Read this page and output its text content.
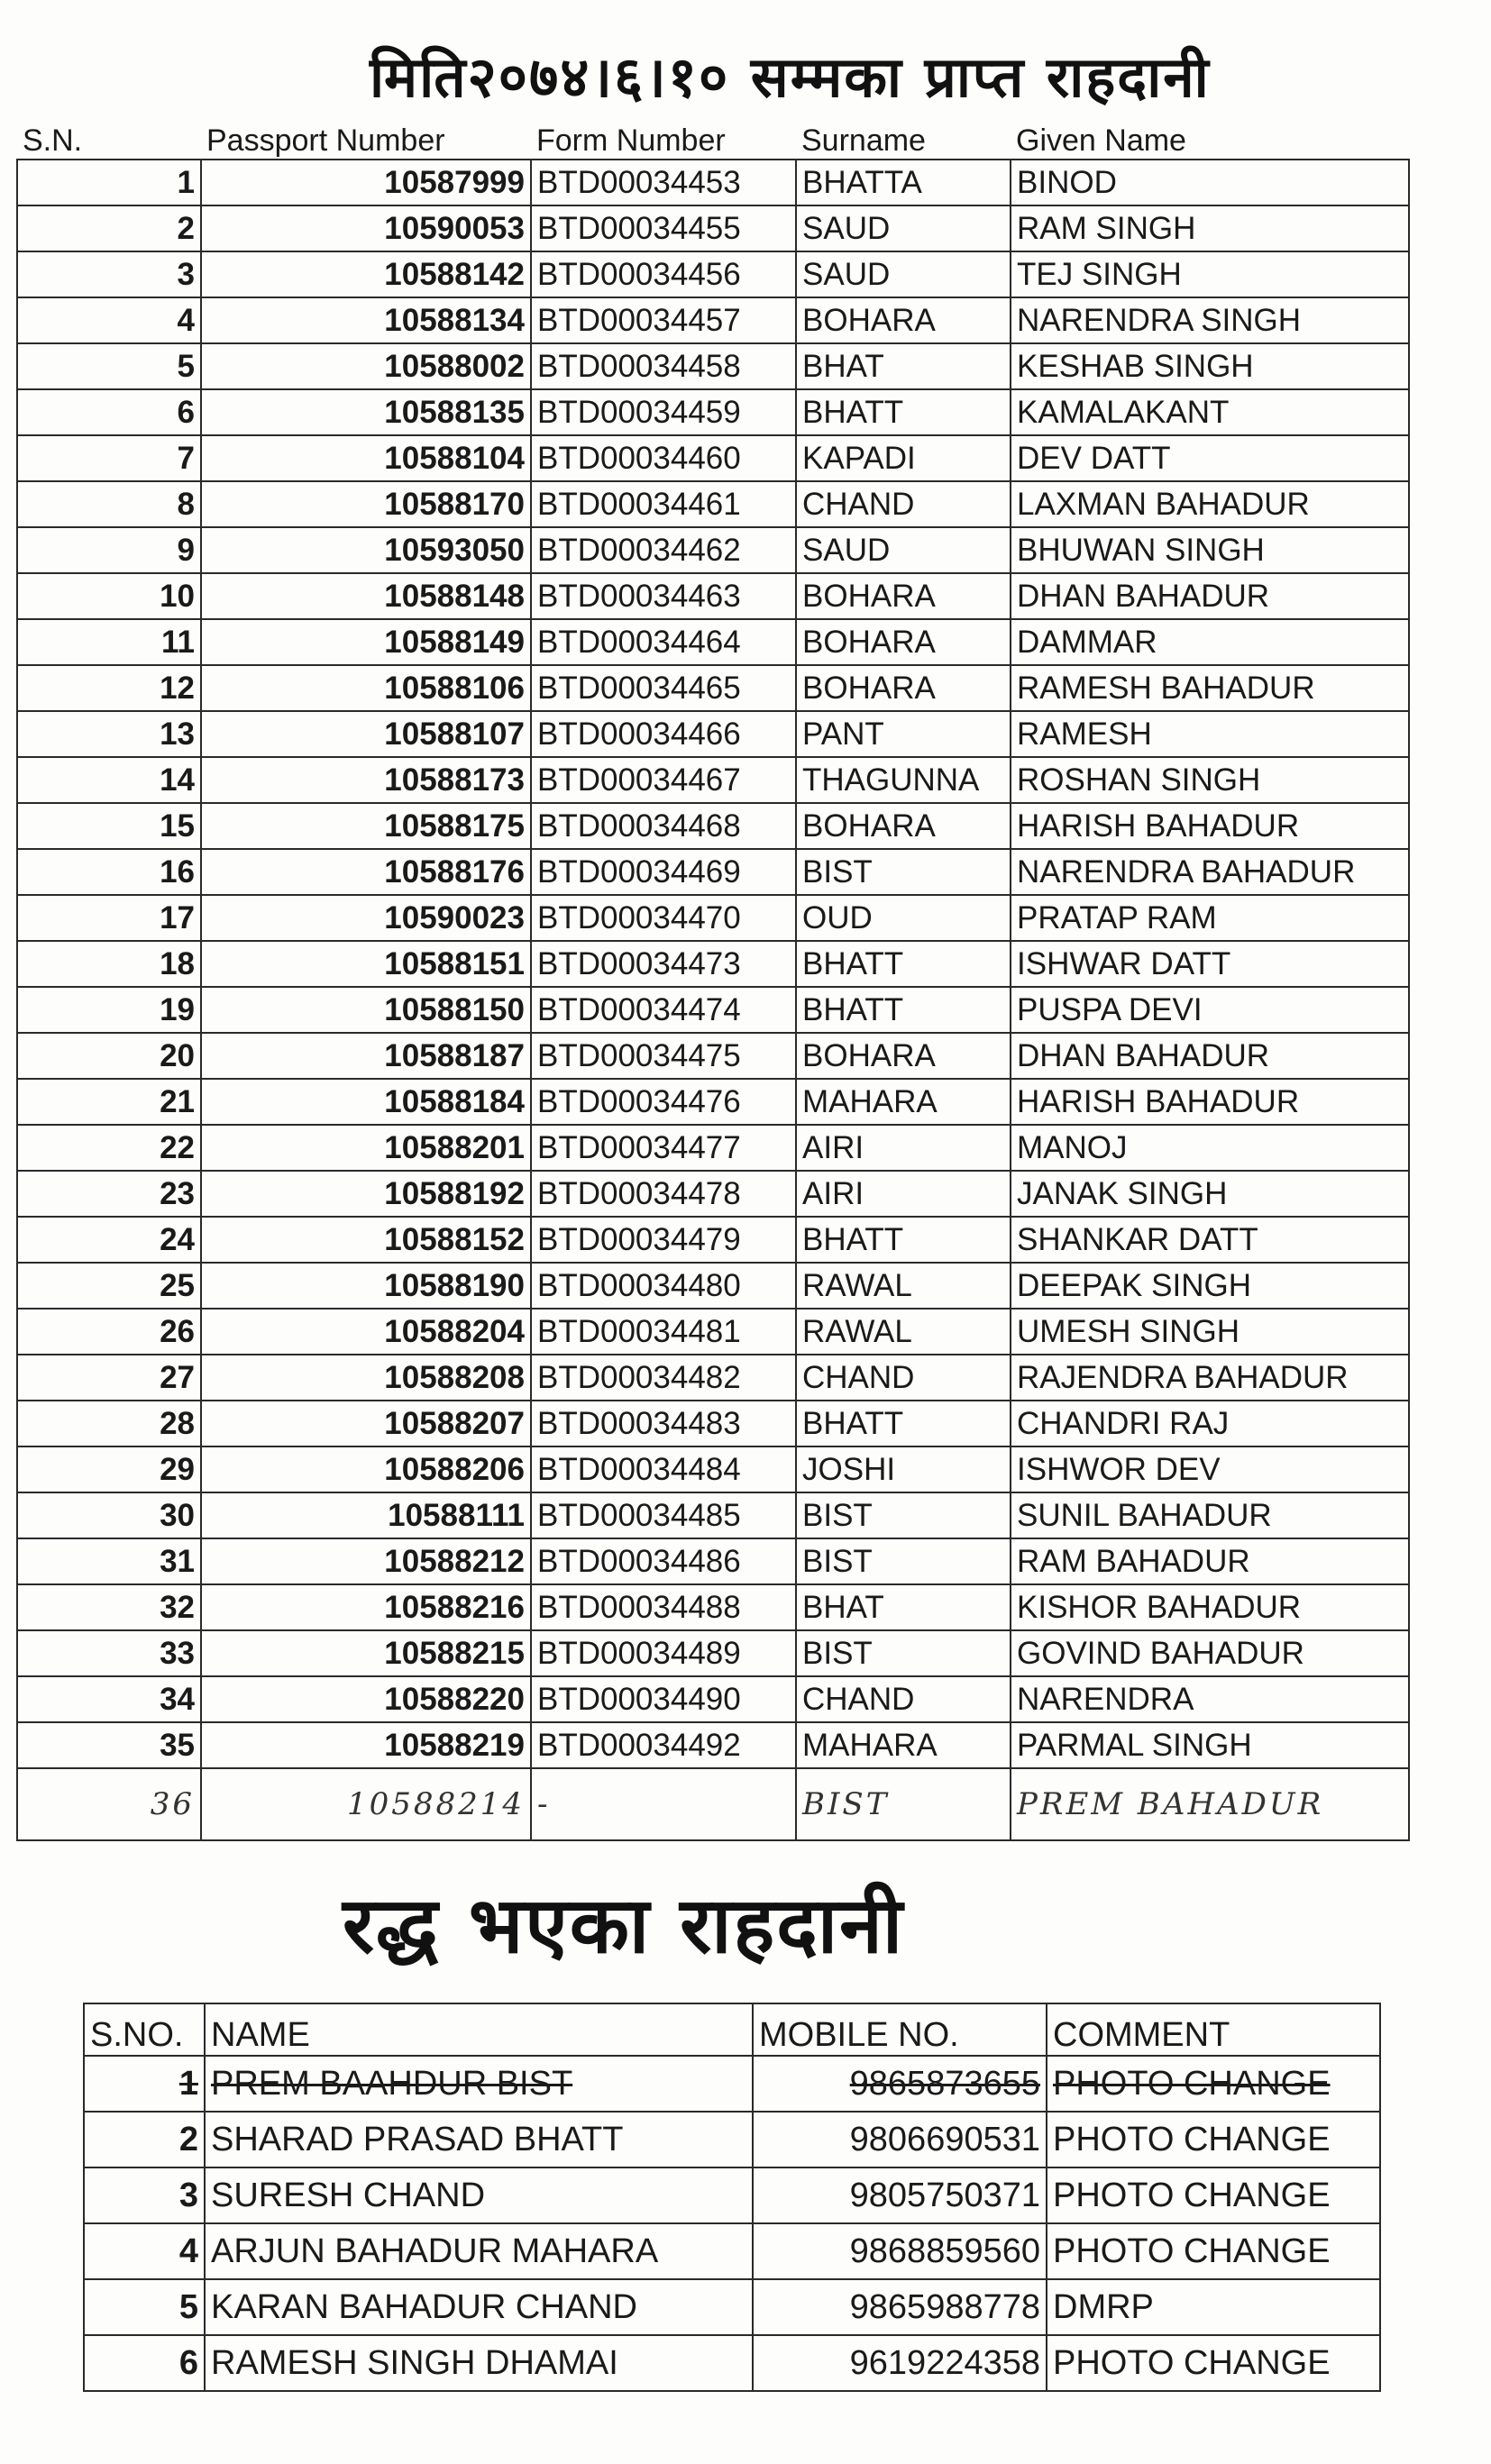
मिति२०७४।६।१० सम्मका प्राप्त राहदानी
S.N.	Passport Number	Form Number	Surname	Given Name
1	10587999	BTD00034453	BHATTA	BINOD
2	10590053	BTD00034455	SAUD	RAM SINGH
3	10588142	BTD00034456	SAUD	TEJ SINGH
4	10588134	BTD00034457	BOHARA	NARENDRA SINGH
5	10588002	BTD00034458	BHAT	KESHAB SINGH
6	10588135	BTD00034459	BHATT	KAMALAKANT
7	10588104	BTD00034460	KAPADI	DEV DATT
8	10588170	BTD00034461	CHAND	LAXMAN BAHADUR
9	10593050	BTD00034462	SAUD	BHUWAN SINGH
10	10588148	BTD00034463	BOHARA	DHAN BAHADUR
11	10588149	BTD00034464	BOHARA	DAMMAR
12	10588106	BTD00034465	BOHARA	RAMESH BAHADUR
13	10588107	BTD00034466	PANT	RAMESH
14	10588173	BTD00034467	THAGUNNA	ROSHAN SINGH
15	10588175	BTD00034468	BOHARA	HARISH BAHADUR
16	10588176	BTD00034469	BIST	NARENDRA BAHADUR
17	10590023	BTD00034470	OUD	PRATAP RAM
18	10588151	BTD00034473	BHATT	ISHWAR DATT
19	10588150	BTD00034474	BHATT	PUSPA DEVI
20	10588187	BTD00034475	BOHARA	DHAN BAHADUR
21	10588184	BTD00034476	MAHARA	HARISH BAHADUR
22	10588201	BTD00034477	AIRI	MANOJ
23	10588192	BTD00034478	AIRI	JANAK SINGH
24	10588152	BTD00034479	BHATT	SHANKAR DATT
25	10588190	BTD00034480	RAWAL	DEEPAK SINGH
26	10588204	BTD00034481	RAWAL	UMESH SINGH
27	10588208	BTD00034482	CHAND	RAJENDRA BAHADUR
28	10588207	BTD00034483	BHATT	CHANDRI RAJ
29	10588206	BTD00034484	JOSHI	ISHWOR DEV
30	10588111	BTD00034485	BIST	SUNIL BAHADUR
31	10588212	BTD00034486	BIST	RAM BAHADUR
32	10588216	BTD00034488	BHAT	KISHOR BAHADUR
33	10588215	BTD00034489	BIST	GOVIND BAHADUR
34	10588220	BTD00034490	CHAND	NARENDRA
35	10588219	BTD00034492	MAHARA	PARMAL SINGH
36	10588214	-	BIST	PREM BAHADUR
रद्ध भएका राहदानी
S.NO.	NAME	MOBILE NO.	COMMENT
1	PREM BAAHDUR BIST	9865873655	PHOTO CHANGE
2	SHARAD PRASAD BHATT	9806690531	PHOTO CHANGE
3	SURESH CHAND	9805750371	PHOTO CHANGE
4	ARJUN BAHADUR MAHARA	9868859560	PHOTO CHANGE
5	KARAN BAHADUR CHAND	9865988778	DMRP
6	RAMESH SINGH DHAMAI	9619224358	PHOTO CHANGE
